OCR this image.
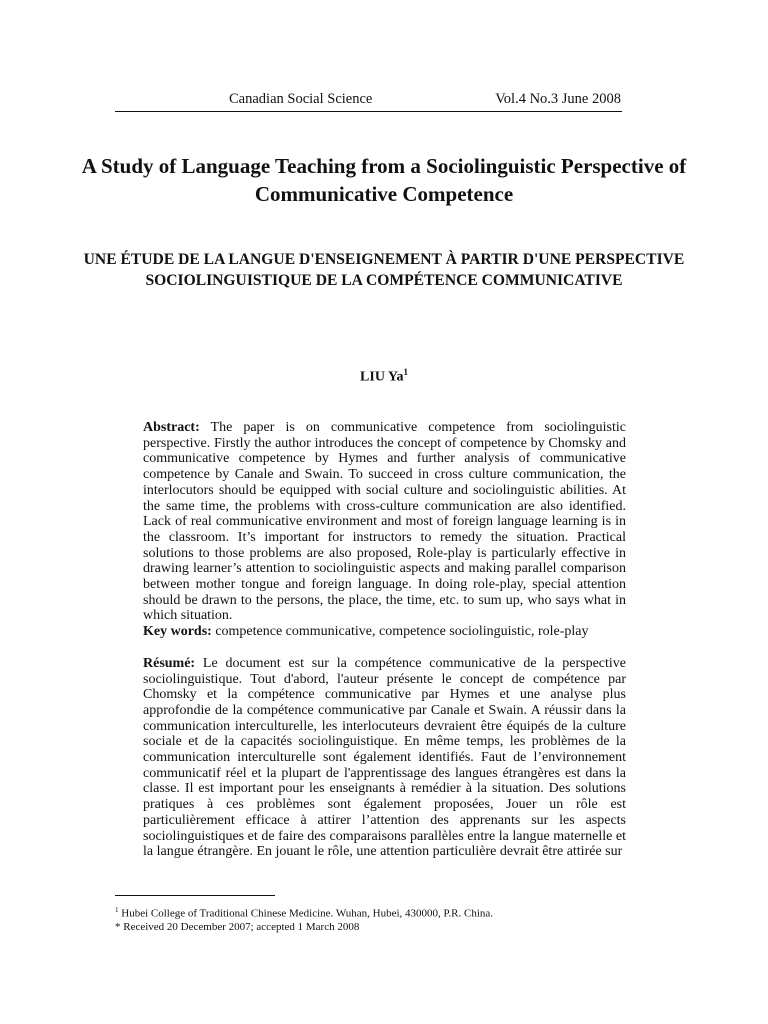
Canadian Social Science	Vol.4 No.3 June 2008
A Study of Language Teaching from a Sociolinguistic Perspective of Communicative Competence
UNE ÉTUDE DE LA LANGUE D'ENSEIGNEMENT À PARTIR D'UNE PERSPECTIVE SOCIOLINGUISTIQUE DE LA COMPÉTENCE COMMUNICATIVE
LIU Ya$^1$

Abstract: The paper is on communicative competence from sociolinguistic perspective. Firstly the author introduces the concept of competence by Chomsky and communicative competence by Hymes and further analysis of communicative competence by Canale and Swain. To succeed in cross culture communication, the interlocutors should be equipped with social culture and sociolinguistic abilities. At the same time, the problems with cross-culture communication are also identified. Lack of real communicative environment and most of foreign language learning is in the classroom. It’s important for instructors to remedy the situation. Practical solutions to those problems are also proposed, Role-play is particularly effective in drawing learner’s attention to sociolinguistic aspects and making parallel comparison between mother tongue and foreign language. In doing role-play, special attention should be drawn to the persons, the place, the time, etc. to sum up, who says what in which situation.

Key words: competence communicative, competence sociolinguistic, role-play

Résumé: Le document est sur la compétence communicative de la perspective sociolinguistique. Tout d'abord, l'auteur présente le concept de compétence par Chomsky et la compétence communicative par Hymes et une analyse plus approfondie de la compétence communicative par Canale et Swain. A réussir dans la communication interculturelle, les interlocuteurs devraient être équipés de la culture sociale et de la capacités sociolinguistique. En même temps, les problèmes de la communication interculturelle sont également identifiés. Faut de l’environnement communicatif réel et la plupart de l'apprentissage des langues étrangères est dans la classe. Il est important pour les enseignants à remédier à la situation. Des solutions pratiques à ces problèmes sont également proposées, Jouer un rôle est particulièrement efficace à attirer l’attention des apprenants sur les aspects sociolinguistiques et de faire des comparaisons parallèles entre la langue maternelle et la langue étrangère. En jouant le rôle, une attention particulière devrait être attirée sur

$^1$ Hubei College of Traditional Chinese Medicine. Wuhan, Hubei, 430000, P.R. China.
* Received 20 December 2007; accepted 1 March 2008
